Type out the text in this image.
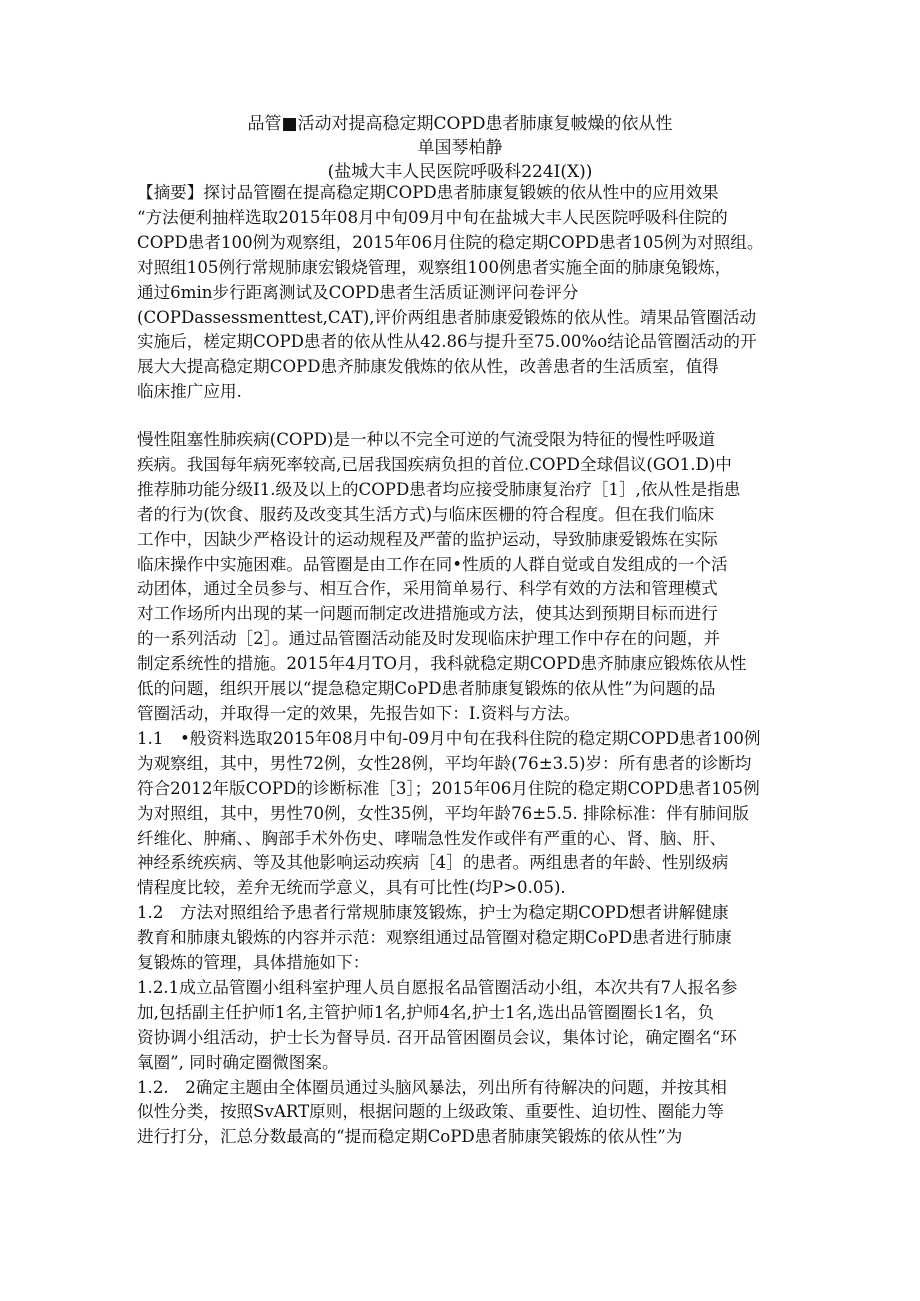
品管■活动对提高稳定期COPD患者肺康复帔燥的依从性
单国琴柏静
(盐城大丰人民医院呼吸科224I(X))
【摘要】探讨品管圈在提高稳定期COPD患者肺康复锻嫉的依从性中的应用效果
“方法便利抽样选取2015年08月中旬09月中旬在盐城大丰人民医院呼吸科住院的
COPD患者100例为观察组，2015年06月住院的稳定期COPD患者105例为对照组。
对照组105例行常规肺康宏锻烧管理，观察组100例患者实施全面的肺康兔锻炼，
通过6min步行距离测试及COPD患者生活质证测评问卷评分
(COPDassessmenttest,CAT),评价两组患者肺康爱锻炼的依从性。靖果品管圈活动
实施后，槎定期COPD患者的依从性从42.86与提升至75.00%o结论品管圈活动的开
展大大提高稳定期COPD患齐肺康发俄炼的依从性，改善患者的生活质室，值得
临床推广应用.
慢性阻塞性肺疾病(COPD)是一种以不完全可逆的气流受限为特征的慢性呼吸道
疾病。我国每年病死率较高,已居我国疾病负担的首位.COPD全球倡议(GO1.D)中
推荐肺功能分级I1.级及以上的COPD患者均应接受肺康复治疗［1］,依从性是指患
者的行为(饮食、服药及改变其生活方式)与临床医栅的符合程度。但在我们临床
工作中，因缺少严格设计的运动规程及严蕾的监护运动，导致肺康爱锻炼在实际
临床操作中实施困难。品管圈是由工作在同•性质的人群自觉或自发组成的一个活
动团体，通过全员参与、相互合作，采用简单易行、科学有效的方法和管理模式
对工作场所内出现的某一问题而制定改进措施或方法，使其达到预期目标而进行
的一系列活动［2］。通过品管圈活动能及时发现临床护理工作中存在的问题，并
制定系统性的措施。2015年4月TO月，我科就稳定期COPD患齐肺康应锻炼依从性
低的问题，组织开展以“提急稳定期CoPD患者肺康复锻炼的依从性”为问题的品
管圈活动，并取得一定的效果，先报告如下：I.资料与方法。
1.1　•般资料选取2015年08月中旬-09月中旬在我科住院的稳定期COPD患者100例
为观察组，其中，男性72例，女性28例，平均年龄(76±3.5)岁：所有患者的诊断均
符合2012年版COPD的诊断标准［3］；2015年06月住院的稳定期COPD患者105例
为对照组，其中，男性70例，女性35例，平均年龄76±5.5. 排除标准：伴有肺间版
纤维化、肿痛、、胸部手术外伤史、哮喘急性发作或伴有严重的心、肾、脑、肝、
神经系统疾病、等及其他影响运动疾病［4］的患者。两组患者的年龄、性别级病
情程度比较，差弁无统而学意义，具有可比性(均P>0.05).
1.2　方法对照组给予患者行常规肺康笈锻炼，护士为稳定期COPD想者讲解健康
教育和肺康丸锻炼的内容并示范：观察组通过品管圈对稳定期CoPD患者进行肺康
复锻炼的管理，具体措施如下：
1.2.1成立品管圈小组科室护理人员自愿报名品管圈活动小组，本次共有7人报名参
加,包括副主任护师1名,主管护师1名,护师4名,护士1名,选出品管圈圈长1名，负
资协调小组活动，护士长为督导员. 召开品管困圈员会议，集体讨论，确定圈名“环
氧圈”, 同时确定圈微图案。
1.2.　2确定主题由全体圈员通过头脑风暴法，列出所有待解决的问题，并按其相
似性分类，按照SvART原则，根据问题的上级政策、重要性、迫切性、圈能力等
进行打分，汇总分数最高的“提而稳定期CoPD患者肺康笑锻炼的依从性”为
